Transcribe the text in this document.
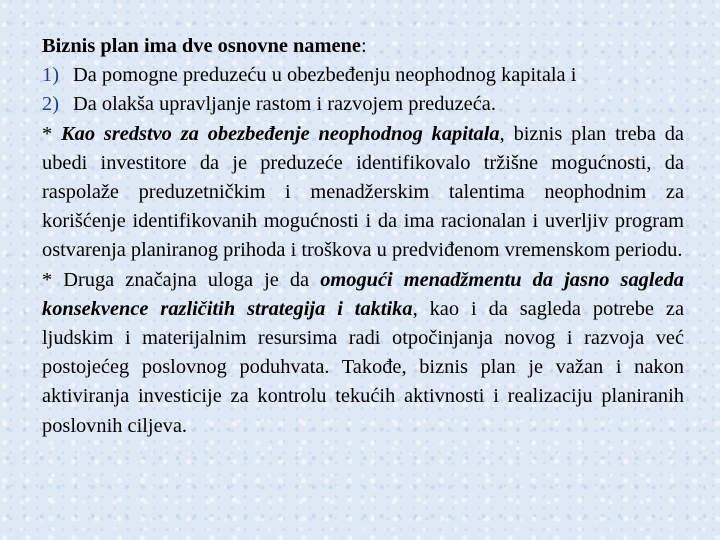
Biznis plan ima dve osnovne namene:

1) Da pomogne preduzeću u obezbeđenju neophodnog kapitala i

2) Da olakša upravljanje rastom i razvojem preduzeća.

* Kao sredstvo za obezbeđenje neophodnog kapitala, biznis plan treba da ubedi investitore da je preduzeće identifikovalo tržišne mogućnosti, da raspolaže preduzetničkim i menadžerskim talentima neophodnim za korišćenje identifikovanih mogućnosti i da ima racionalan i uverljiv program ostvarenja planiranog prihoda i troškova u predviđenom vremenskom periodu.

* Druga značajna uloga je da omogući menadžmentu da jasno sagleda konsekvence različitih strategija i taktika, kao i da sagleda potrebe za ljudskim i materijalnim resursima radi otpočinjanja novog i razvoja već postojećeg poslovnog poduhvata. Takođe, biznis plan je važan i nakon aktiviranja investicije za kontrolu tekućih aktivnosti i realizaciju planiranih poslovnih ciljeva.
